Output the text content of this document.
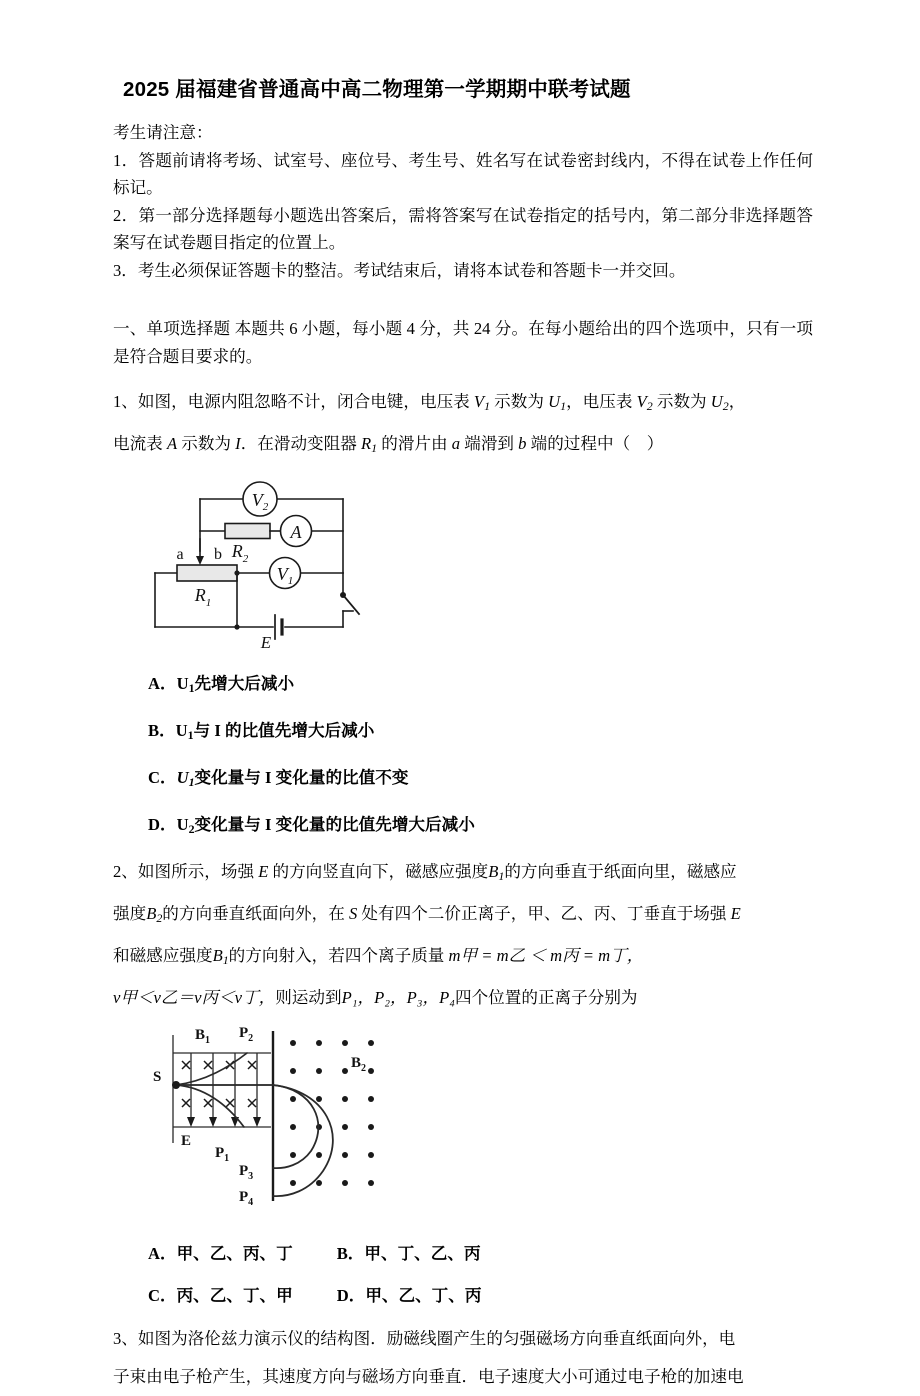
2025 届福建省普通高中高二物理第一学期期中联考试题
考生请注意：
1．答题前请将考场、试室号、座位号、考生号、姓名写在试卷密封线内，不得在试卷上作任何标记。
2．第一部分选择题每小题选出答案后，需将答案写在试卷指定的括号内，第二部分非选择题答案写在试卷题目指定的位置上。
3．考生必须保证答题卡的整洁。考试结束后，请将本试卷和答题卡一并交回。
一、单项选择题 本题共 6 小题，每小题 4 分，共 24 分。在每小题给出的四个选项中，只有一项是符合题目要求的。
1、如图，电源内阻忽略不计，闭合电键，电压表 $V_1$ 示数为 $U_1$，电压表 $V_2$ 示数为 $U_2$，
电流表 A 示数为 I．在滑动变阻器 $R_1$ 的滑片由 a 端滑到 b 端的过程中（　）
$V_2$
A
$V_1$
$R_2$
$R_1$
E
a b
A．$U_1$先增大后减小
B．$U_1$与 I 的比值先增大后减小
C．$U_1$变化量与 I 变化量的比值不变
D．$U_2$变化量与 I 变化量的比值先增大后减小
2、如图所示，场强 E 的方向竖直向下，磁感应强度$B_1$的方向垂直于纸面向里，磁感应
强度$B_2$的方向垂直纸面向外，在 S 处有四个二价正离子，甲、乙、丙、丁垂直于场强 E
和磁感应强度$B_1$的方向射入，若四个离子质量 m甲 = m乙 ＜ m丙 = m丁，
v甲＜v乙＝v丙＜v丁，则运动到P₁，P₂，P₃，P₄四个位置的正离子分别为
$B_1$ $P_2$
$B_2$
S
E
$P_1$
$P_3$
$P_4$
A．甲、乙、丙、丁	B．甲、丁、乙、丙
C．丙、乙、丁、甲	D．甲、乙、丁、丙
3、如图为洛伦兹力演示仪的结构图．励磁线圈产生的匀强磁场方向垂直纸面向外，电
子束由电子枪产生，其速度方向与磁场方向垂直．电子速度大小可通过电子枪的加速电
